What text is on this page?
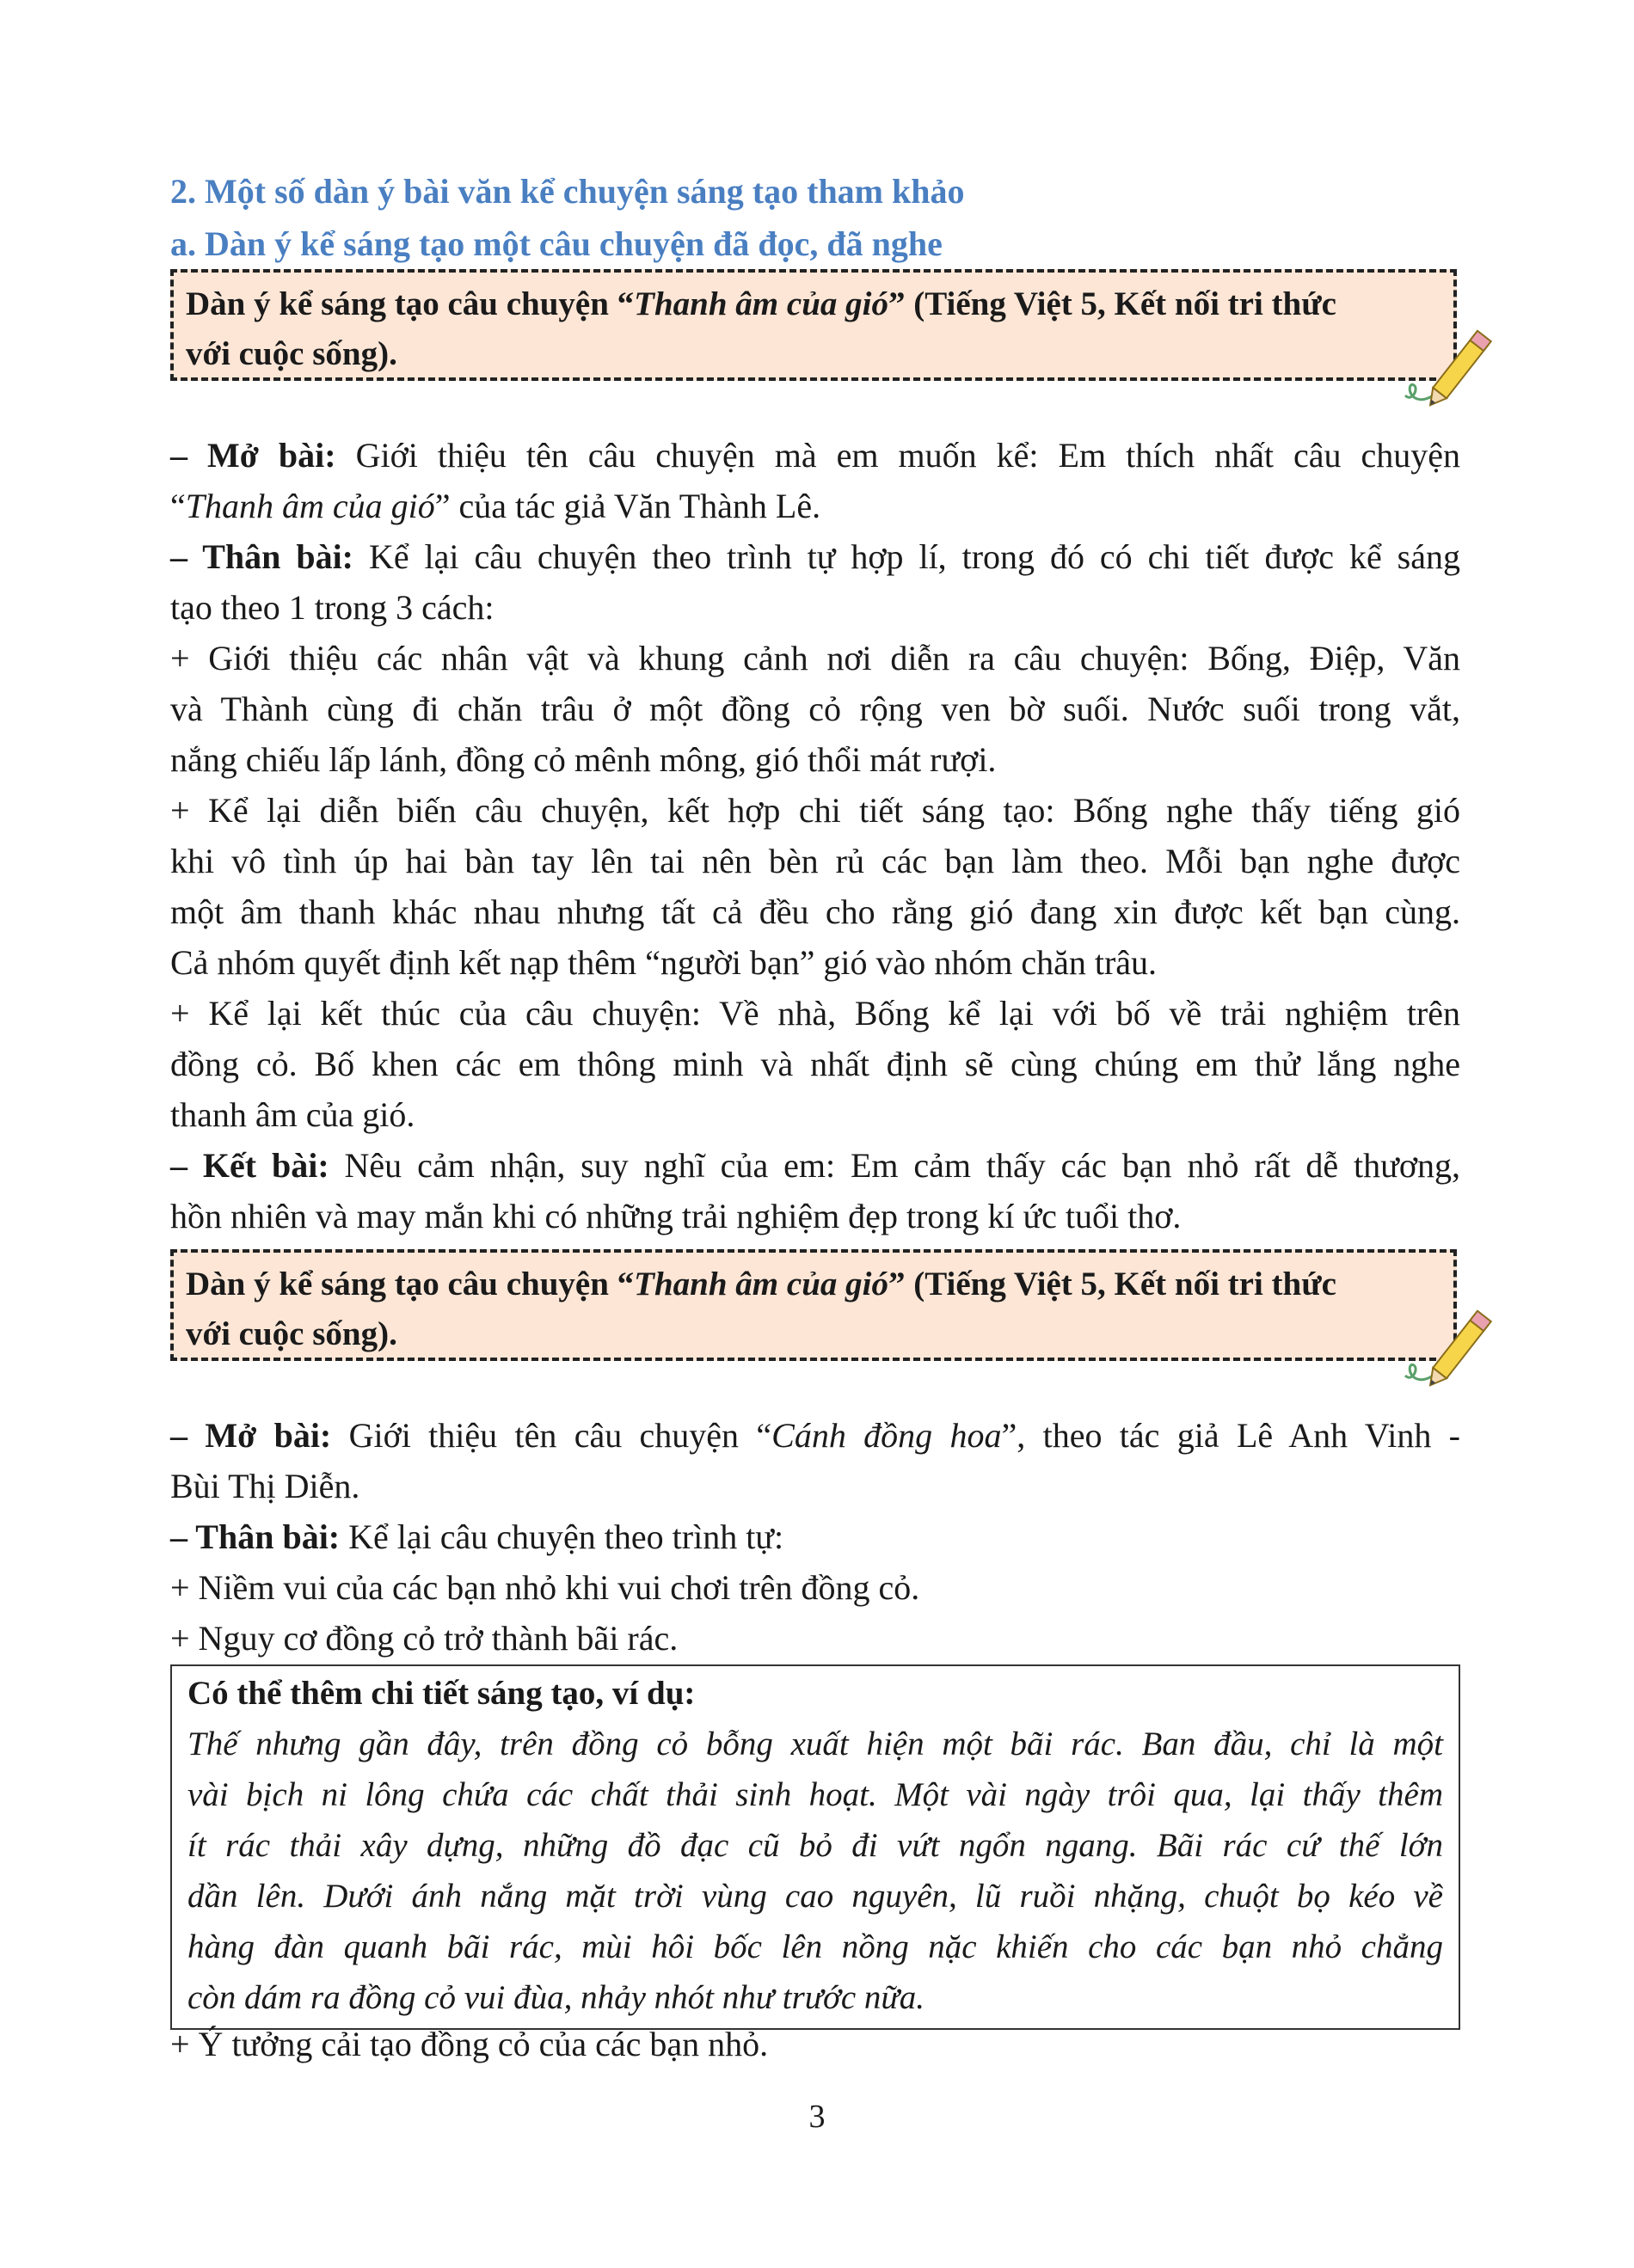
2. Một số dàn ý bài văn kể chuyện sáng tạo tham khảo
a. Dàn ý kể sáng tạo một câu chuyện đã đọc, đã nghe
Dàn ý kể sáng tạo câu chuyện “Thanh âm của gió” (Tiếng Việt 5, Kết nối tri thức
với cuộc sống).
– Mở bài: Giới thiệu tên câu chuyện mà em muốn kể: Em thích nhất câu chuyện
“Thanh âm của gió” của tác giả Văn Thành Lê.
– Thân bài: Kể lại câu chuyện theo trình tự hợp lí, trong đó có chi tiết được kể sáng
tạo theo 1 trong 3 cách:
+ Giới thiệu các nhân vật và khung cảnh nơi diễn ra câu chuyện: Bống, Điệp, Văn
và Thành cùng đi chăn trâu ở một đồng cỏ rộng ven bờ suối. Nước suối trong vắt,
nắng chiếu lấp lánh, đồng cỏ mênh mông, gió thổi mát rượi.
+ Kể lại diễn biến câu chuyện, kết hợp chi tiết sáng tạo: Bống nghe thấy tiếng gió
khi vô tình úp hai bàn tay lên tai nên bèn rủ các bạn làm theo. Mỗi bạn nghe được
một âm thanh khác nhau nhưng tất cả đều cho rằng gió đang xin được kết bạn cùng.
Cả nhóm quyết định kết nạp thêm “người bạn” gió vào nhóm chăn trâu.
+ Kể lại kết thúc của câu chuyện: Về nhà, Bống kể lại với bố về trải nghiệm trên
đồng cỏ. Bố khen các em thông minh và nhất định sẽ cùng chúng em thử lắng nghe
thanh âm của gió.
– Kết bài: Nêu cảm nhận, suy nghĩ của em: Em cảm thấy các bạn nhỏ rất dễ thương,
hồn nhiên và may mắn khi có những trải nghiệm đẹp trong kí ức tuổi thơ.
Dàn ý kể sáng tạo câu chuyện “Thanh âm của gió” (Tiếng Việt 5, Kết nối tri thức
với cuộc sống).
– Mở bài: Giới thiệu tên câu chuyện “Cánh đồng hoa”, theo tác giả Lê Anh Vinh -
Bùi Thị Diễn.
– Thân bài: Kể lại câu chuyện theo trình tự:
+ Niềm vui của các bạn nhỏ khi vui chơi trên đồng cỏ.
+ Nguy cơ đồng cỏ trở thành bãi rác.
Có thể thêm chi tiết sáng tạo, ví dụ:
Thế nhưng gần đây, trên đồng cỏ bỗng xuất hiện một bãi rác. Ban đầu, chỉ là một
vài bịch ni lông chứa các chất thải sinh hoạt. Một vài ngày trôi qua, lại thấy thêm
ít rác thải xây dựng, những đồ đạc cũ bỏ đi vứt ngổn ngang. Bãi rác cứ thế lớn
dần lên. Dưới ánh nắng mặt trời vùng cao nguyên, lũ ruồi nhặng, chuột bọ kéo về
hàng đàn quanh bãi rác, mùi hôi bốc lên nồng nặc khiến cho các bạn nhỏ chẳng
còn dám ra đồng cỏ vui đùa, nhảy nhót như trước nữa.
+ Ý tưởng cải tạo đồng cỏ của các bạn nhỏ.
3
